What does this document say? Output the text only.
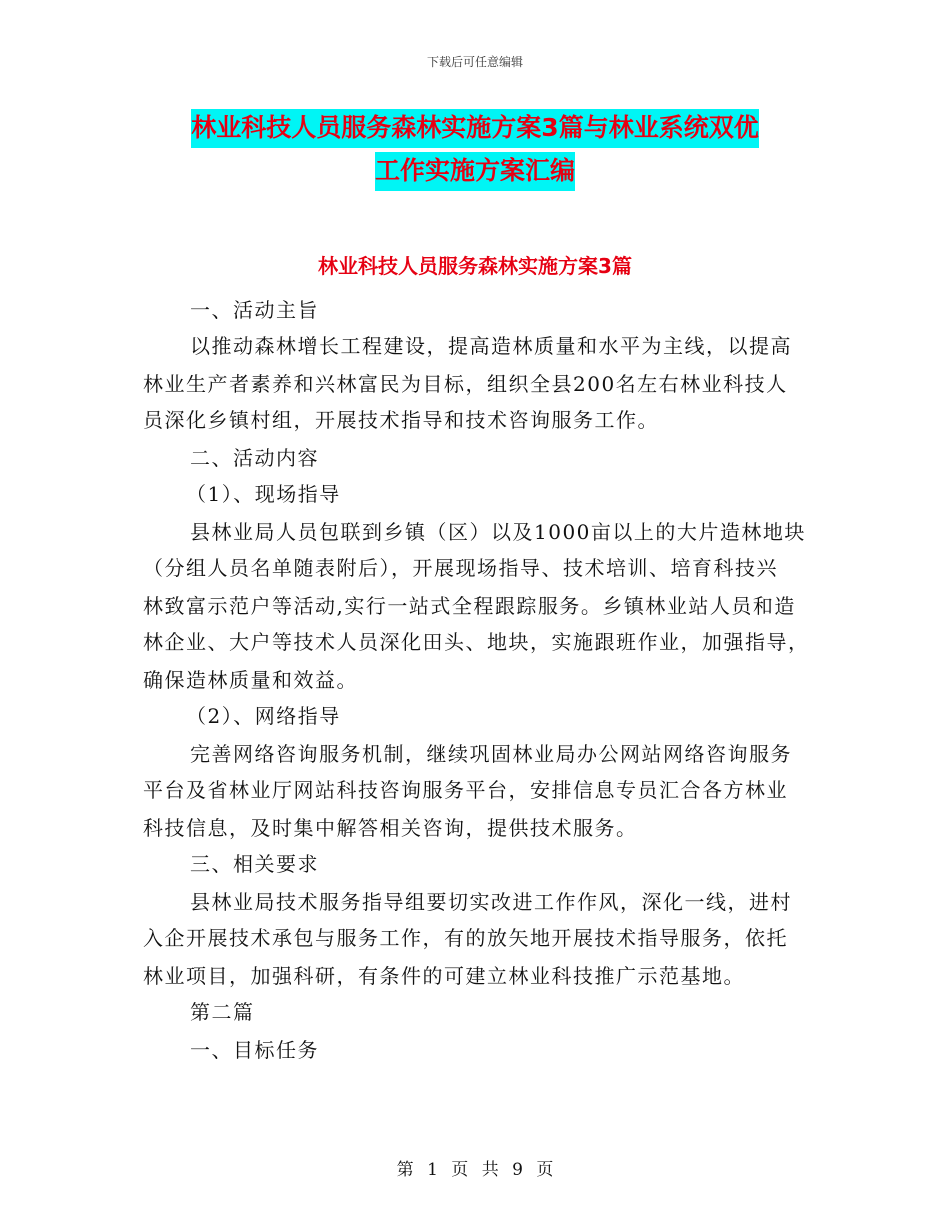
下载后可任意编辑
林业科技人员服务森林实施方案3篇与林业系统双优
工作实施方案汇编
林业科技人员服务森林实施方案3篇
一、活动主旨
以推动森林增长工程建设，提高造林质量和水平为主线，以提高
林业生产者素养和兴林富民为目标，组织全县200名左右林业科技人
员深化乡镇村组，开展技术指导和技术咨询服务工作。
二、活动内容
（1）、现场指导
县林业局人员包联到乡镇（区）以及1000亩以上的大片造林地块
（分组人员名单随表附后），开展现场指导、技术培训、培育科技兴
林致富示范户等活动,实行一站式全程跟踪服务。乡镇林业站人员和造
林企业、大户等技术人员深化田头、地块，实施跟班作业，加强指导，
确保造林质量和效益。
（2）、网络指导
完善网络咨询服务机制，继续巩固林业局办公网站网络咨询服务
平台及省林业厅网站科技咨询服务平台，安排信息专员汇合各方林业
科技信息，及时集中解答相关咨询，提供技术服务。
三、相关要求
县林业局技术服务指导组要切实改进工作作风，深化一线，进村
入企开展技术承包与服务工作，有的放矢地开展技术指导服务，依托
林业项目，加强科研，有条件的可建立林业科技推广示范基地。
第二篇
一、目标任务
第 1 页 共 9 页
